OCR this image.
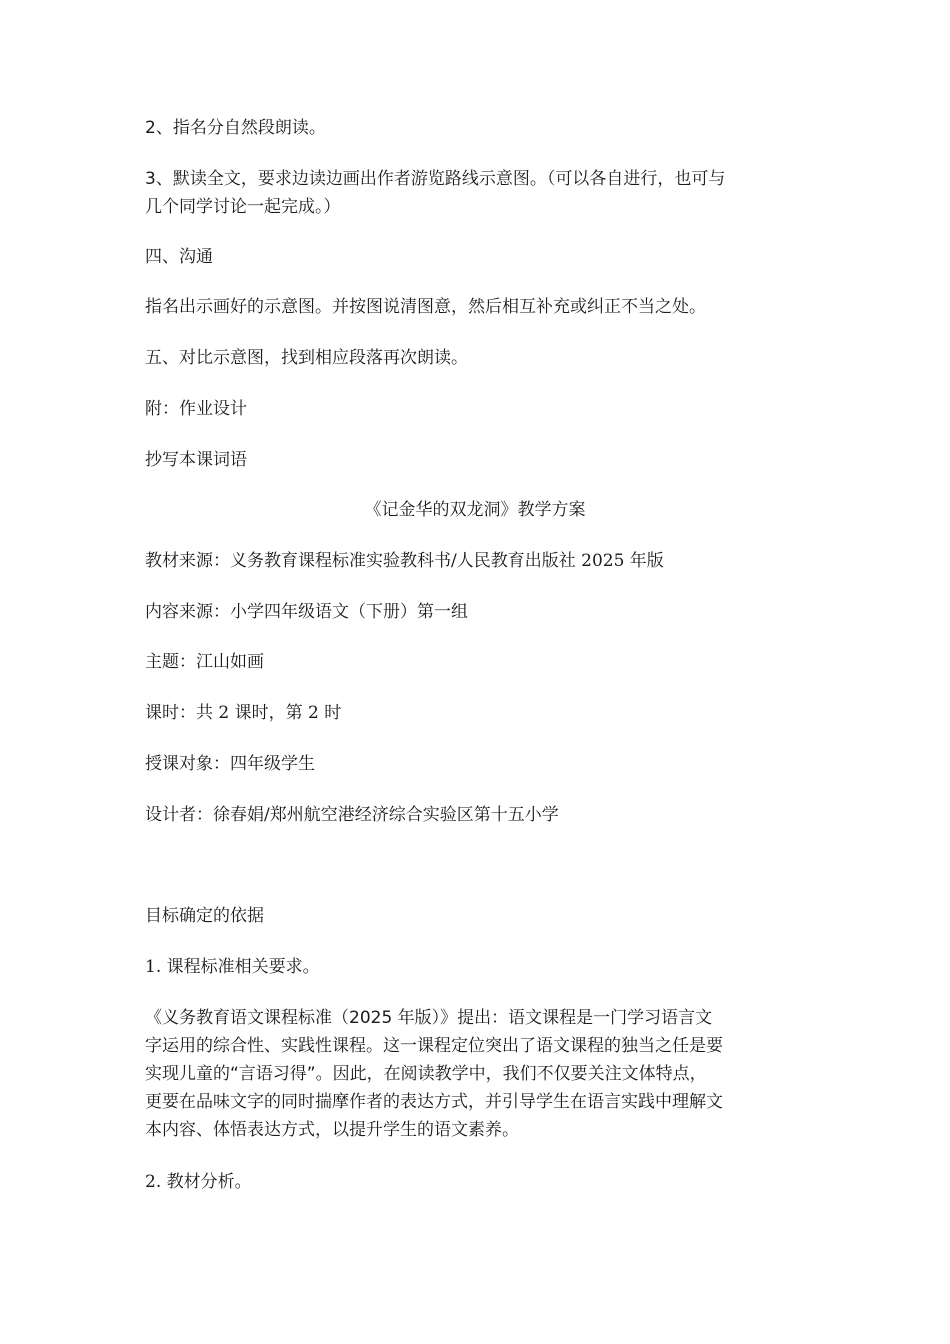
2、指名分自然段朗读。
3、默读全文，要求边读边画出作者游览路线示意图。（可以各自进行，也可与
几个同学讨论一起完成。）
四、沟通
指名出示画好的示意图。并按图说清图意，然后相互补充或纠正不当之处。
五、对比示意图，找到相应段落再次朗读。
附：作业设计
抄写本课词语
《记金华的双龙洞》教学方案
教材来源：义务教育课程标准实验教科书/人民教育出版社 2025 年版
内容来源：小学四年级语文（下册）第一组
主题：江山如画
课时：共 2 课时，第 2 时
授课对象：四年级学生
设计者：徐春娟/郑州航空港经济综合实验区第十五小学
目标确定的依据
1. 课程标准相关要求。
《义务教育语文课程标准（2025 年版）》提出：语文课程是一门学习语言文
字运用的综合性、实践性课程。这一课程定位突出了语文课程的独当之任是要
实现儿童的“言语习得”。因此，在阅读教学中，我们不仅要关注文体特点，
更要在品味文字的同时揣摩作者的表达方式，并引导学生在语言实践中理解文
本内容、体悟表达方式，以提升学生的语文素养。
2. 教材分析。
